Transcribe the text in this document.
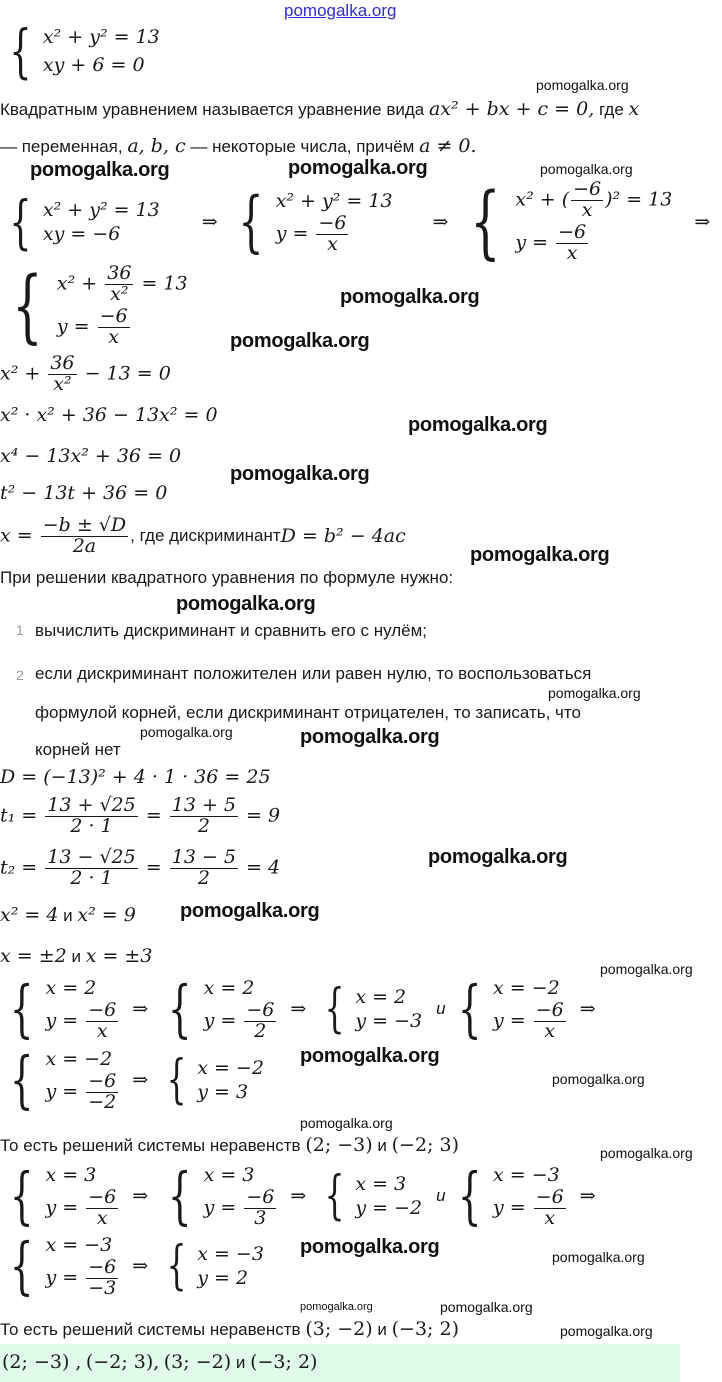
pomogalka.org
{ x² + y² = 13
xy + 6 = 0
pomogalka.org
Квадратным уравнением называется уравнение вида ax² + bx + c = 0, где x
— переменная, a, b, c — некоторые числа, причём a ≠ 0.
pomogalka.org	pomogalka.org	pomogalka.org
{ x² + y² = 13
xy = −6
⇒ { x² + y² = 13
$y = \frac{-6}{x}$	⇒ { x² + ( $\frac{-6}{x} )^2 = 13$
$y = \frac{-6}{x}$
⇒
{ $x^2 + \frac{36}{\text{x²}} = 13$
$y = \frac{-6}{x}$
pomogalka.org
pomogalka.org
$x^2 + \frac{36}{\text{x²}} - 13 = 0$
x² · x² + 36 − 13x² = 0	pomogalka.org
x⁴ − 13x² + 36 = 0
pomogalka.org
t² − 13t + 36 = 0
$x = \frac{-b \pm √D}{2a}$ , где дискриминант D = b² − 4ac
pomogalka.org
При решении квадратного уравнения по формуле нужно:
pomogalka.org
1 вычислить дискриминант и сравнить его с нулём;
2 если дискриминант положителен или равен нулю, то воспользоваться
формулой корней, если дискриминант отрицателен, то записать, что
корней нет
pomogalka.org
pomogalka.org	pomogalka.org
D = (−13)² + 4 · 1 · 36 = 25
$t_1 = \frac{13 + √25}{2 \cdot 1} = \frac{13 + 5}{2} = 9$
$t_2 = \frac{13 - √25}{2 \cdot 1} = \frac{13 - 5}{2} = 4$	pomogalka.org
x² = 4 и x² = 9 pomogalka.org
x = ±2 и x = ±3
{ x = 2
$y = \frac{-6}{x}$ ⇒ { x = 2
$y = \frac{-6}{2}$ ⇒ { x = 2
y = −3
и { x = −2
$y = \frac{-6}{x}$ ⇒
pomogalka.org
pomogalka.org
{ x = −2
$y = \frac{-6}{-2}$ ⇒ { x = −2
y = 3
pomogalka.org
pomogalka.org
То есть решений системы неравенств (2; −3) и (−2; 3)
{ x = 3
$y = \frac{-6}{x}$ ⇒ { x = 3
$y = \frac{-6}{3}$ ⇒ { x = 3
y = −2
и { x = −3
$y = \frac{-6}{x}$ ⇒
pomogalka.org
pomogalka.org
pomogalka.org
{ x = −3
$y = \frac{-6}{-3}$ ⇒ { x = −3
y = 2
pomogalka.org
pomogalka.org
То есть решений системы неравенств (3; −2) и (−3; 2)	pomogalka.org
(2; −3) , (−2; 3), (3; −2) и (−3; 2)
